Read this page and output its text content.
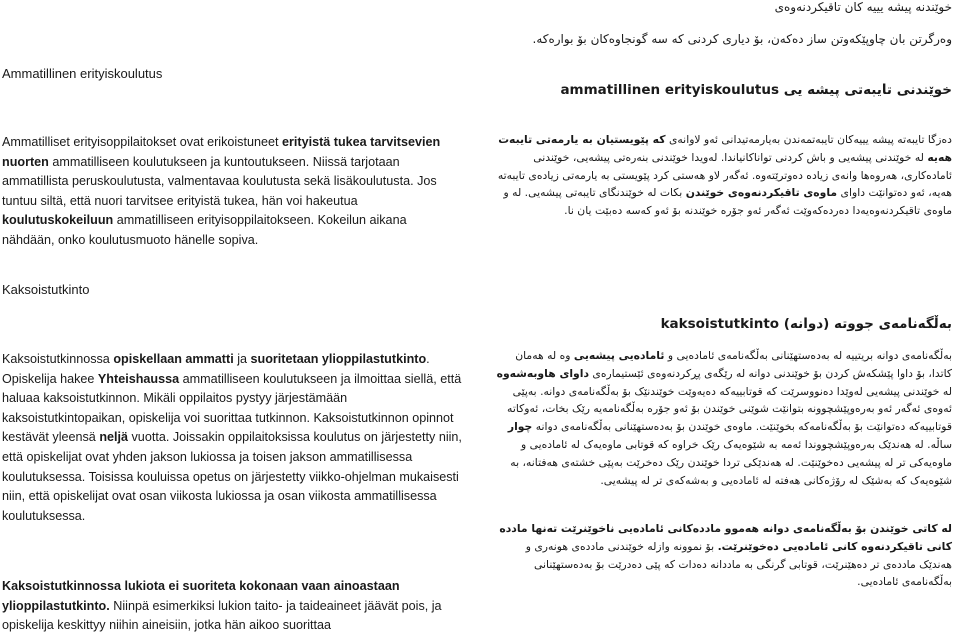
خوێندنە پیشە یییە کان تاقیکردنەوەی
وەرگرتن بان چاوپێکەوتن ساز دەکەن، بۆ دیاری کردنی کە سە گونجاوەکان بۆ بوارەکە.
Ammatillinen erityiskoulutus
خوێندنی تایبەتی پیشە یی ammatillinen erityiskoulutus
Ammatilliset erityisoppilaitokset ovat erikoistuneet erityistä tukea tarvitsevien nuorten ammatilliseen koulutukseen ja kuntoutukseen. Niissä tarjotaan ammatillista peruskoulutusta, valmentavaa koulutusta sekä lisäkoulutusta. Jos tuntuu siltä, että nuori tarvitsee erityistä tukea, hän voi hakeutua koulutuskokeiluun ammatilliseen erityisoppilaitokseen. Kokeilun aikana nähdään, onko koulutusmuoto hänelle sopiva.
دەزگا تایبەتە پیشە یییەکان تایبەتمەندن بەیارمەتیدانی ئەو لاوانەی کە پێویستیان بە یارمەتی تایبەت هەیە لە خوێندنی پیشەیی و باش کردنی تواناکانیاندا. لەویدا خوێندنی بنەرەتی پیشەیی، خوێندنی ئامادەکاری، هەروەها وانەی زیادە دەوترێتەوە. ئەگەر لاو هەستی کرد پێویستی بە یارمەتی زیادەی تایبەتە هەیە، ئەو دەتوانێت داوای ماوەی تاقیکردنەوەی خوێندن بکات لە خوێندنگای تایبەتی پیشەیی. لە و ماوەی تاقیکردنەوەیەدا دەردەکەوێت ئەگەر ئەو جۆرە خوێندنە بۆ ئەو کەسە دەبێت یان نا.
Kaksoistutkinto
بەڵگەنامەی جووتە (دوانە) kaksoistutkinto
Kaksoistutkinnossa opiskellaan ammatti ja suoritetaan ylioppilastutkinto. Opiskelija hakee Yhteishaussa ammatilliseen koulutukseen ja ilmoittaa siellä, että haluaa kaksoistutkinnon. Mikäli oppilaitos pystyy järjestämään kaksoistutkintopaikan, opiskelija voi suorittaa tutkinnon. Kaksoistutkinnon opinnot kestävät yleensä neljä vuotta. Joissakin oppilaitoksissa koulutus on järjestetty niin, että opiskelijat ovat yhden jakson lukiossa ja toisen jakson ammatillisessa koulutuksessa. Toisissa kouluissa opetus on järjestetty viikko-ohjelman mukaisesti niin, että opiskelijat ovat osan viikosta lukiossa ja osan viikosta ammatillisessa koulutuksessa.
Kaksoistutkinnossa lukiota ei suoriteta kokonaan vaan ainoastaan ylioppilastutkinto. Niinpä esimerkiksi lukion taito- ja taideaineet jäävät pois, ja opiskelija keskittyy niihin aineisiin, jotka hän aikoo suorittaa
بەڵگەنامەی دوانە بریتییە لە بەدەستهێنانی بەڵگەنامەی ئامادەیی و ئامادەیی پیشەیی وە لە هەمان کاتدا، بۆ داوا پێشکەش کردن بۆ خوێندنی دوانە لە رێگەی پڕکردنەوەی ئێستیمارەی داوای هاوبەشەوە لە خوێندنی پیشەیی لەوێدا دەنووسرێت کە قوتابییەکە دەیەوێت خوێندنێک بۆ بەڵگەنامەی دوانە. بەپێی ئەوەی ئەگەر ئەو بەرەوپێشچوونە بتوانێت شوێنی خوێندن بۆ ئەو جۆرە بەڵگەنامەیە رێک بخات، ئەوکاتە قوتابییەکە دەتوانێت بۆ بەڵگەنامەکە بخوێنێت. ماوەی خوێندن بۆ بەدەستهێنانی بەڵگەنامەی دوانە چوار ساڵە. لە هەندێک بەرەوپێشچووندا ئەمە بە شێوەیەک رێک خراوە کە قوتابی ماوەیەک لە ئامادەیی و ماوەیەکی تر لە پیشەیی دەخوێنێت. لە هەندێکی تردا خوێندن رێک دەخرێت بەپێی خشتەی هەفتانە، بە شێوەیەک کە بەشێک لە رۆژەکانی هەفتە لە ئامادەیی و بەشەکەی تر لە پیشەیی.
لە کاتی خوێندن بۆ بەڵگەنامەی دوانە هەموو ماددەکانی ئامادەیی ناخوێنرێت تەنها ماددە کانی تاقیکردنەوە کانی ئامادەیی دەخوێنرێت. بۆ نموونە وازلە خوێندنی ماددەی هونەری و هەندێک ماددەی تر دەهێنرێت، قوتابی گرنگی بە ماددانە دەدات کە پێی دەدرێت بۆ بەدەستهێنانی بەڵگەنامەی ئامادەیی.
